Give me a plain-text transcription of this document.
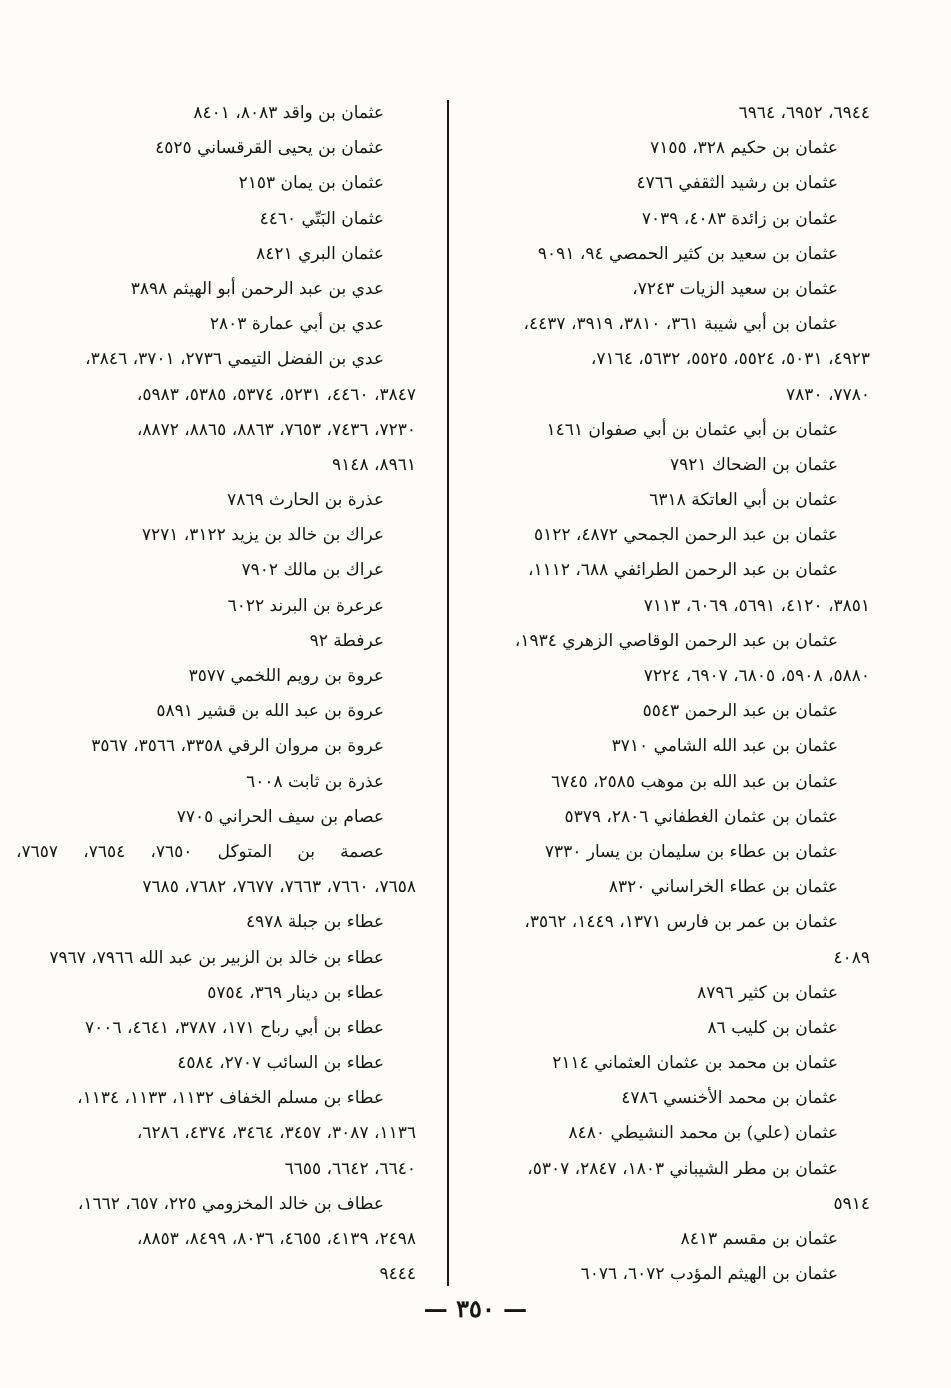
٦٩٤٤، ٦٩٥٢، ٦٩٦٤
عثمان بن حكيم ٣٢٨، ٧١٥٥
عثمان بن رشيد الثقفي ٤٧٦٦
عثمان بن زائدة ٤٠٨٣، ٧٠٣٩
عثمان بن سعيد بن كثير الحمصي ٩٤، ٩٠٩١
عثمان بن سعيد الزيات ٧٢٤٣،
عثمان بن أبي شيبة ٣٦١، ٣٨١٠، ٣٩١٩، ٤٤٣٧،
٤٩٢٣، ٥٠٣١، ٥٥٢٤، ٥٥٢٥، ٥٦٣٢، ٧١٦٤،
٧٧٨٠، ٧٨٣٠
عثمان بن أبي عثمان بن أبي صفوان ١٤٦١
عثمان بن الضحاك ٧٩٢١
عثمان بن أبي العاتكة ٦٣١٨
عثمان بن عبد الرحمن الجمحي ٤٨٧٢، ٥١٢٢
عثمان بن عبد الرحمن الطرائفي ٦٨٨، ١١١٢،
٣٨٥١، ٤١٢٠، ٥٦٩١، ٦٠٦٩، ٧١١٣
عثمان بن عبد الرحمن الوقاصي الزهري ١٩٣٤،
٥٨٨٠، ٥٩٠٨، ٦٨٠٥، ٦٩٠٧، ٧٢٢٤
عثمان بن عبد الرحمن ٥٥٤٣
عثمان بن عبد الله الشامي ٣٧١٠
عثمان بن عبد الله بن موهب ٢٥٨٥، ٦٧٤٥
عثمان بن عثمان الغطفاني ٢٨٠٦، ٥٣٧٩
عثمان بن عطاء بن سليمان بن يسار ٧٣٣٠
عثمان بن عطاء الخراساني ٨٣٢٠
عثمان بن عمر بن فارس ١٣٧١، ١٤٤٩، ٣٥٦٢،
٤٠٨٩
عثمان بن كثير ٨٧٩٦
عثمان بن كليب ٨٦
عثمان بن محمد بن عثمان العثماني ٢١١٤
عثمان بن محمد الأخنسي ٤٧٨٦
عثمان (علي) بن محمد النشيطي ٨٤٨٠
عثمان بن مطر الشيباني ١٨٠٣، ٢٨٤٧، ٥٣٠٧،
٥٩١٤
عثمان بن مقسم ٨٤١٣
عثمان بن الهيثم المؤدب ٦٠٧٢، ٦٠٧٦
عثمان بن واقد ٨٠٨٣، ٨٤٠١
عثمان بن يحيى القرقساني ٤٥٢٥
عثمان بن يمان ٢١٥٣
عثمان البَتّي ٤٤٦٠
عثمان البري ٨٤٢١
عدي بن عبد الرحمن أبو الهيثم ٣٨٩٨
عدي بن أبي عمارة ٢٨٠٣
عدي بن الفضل التيمي ٢٧٣٦، ٣٧٠١، ٣٨٤٦،
٣٨٤٧، ٤٤٦٠، ٥٢٣١، ٥٣٧٤، ٥٣٨٥، ٥٩٨٣،
٧٢٣٠، ٧٤٣٦، ٧٦٥٣، ٨٨٦٣، ٨٨٦٥، ٨٨٧٢،
٨٩٦١، ٩١٤٨
عذرة بن الحارث ٧٨٦٩
عراك بن خالد بن يزيد ٣١٢٢، ٧٢٧١
عراك بن مالك ٧٩٠٢
عرعرة بن البرند ٦٠٢٢
عرفطة ٩٢
عروة بن رويم اللخمي ٣٥٧٧
عروة بن عبد الله بن قشير ٥٨٩١
عروة بن مروان الرقي ٣٣٥٨، ٣٥٦٦، ٣٥٦٧
عذرة بن ثابت ٦٠٠٨
عصام بن سيف الحراني ٧٧٠٥
عصمة بن المتوكل ٧٦٥٠، ٧٦٥٤، ٧٦٥٧،
٧٦٥٨، ٧٦٦٠، ٧٦٦٣، ٧٦٧٧، ٧٦٨٢، ٧٦٨٥
عطاء بن جبلة ٤٩٧٨
عطاء بن خالد بن الزبير بن عبد الله ٧٩٦٦، ٧٩٦٧
عطاء بن دينار ٣٦٩، ٥٧٥٤
عطاء بن أبي رباح ١٧١، ٣٧٨٧، ٤٦٤١، ٧٠٠٦
عطاء بن السائب ٢٧٠٧، ٤٥٨٤
عطاء بن مسلم الخفاف ١١٣٢، ١١٣٣، ١١٣٤،
١١٣٦، ٣٠٨٧، ٣٤٥٧، ٣٤٦٤، ٤٣٧٤، ٦٢٨٦،
٦٦٤٠، ٦٦٤٢، ٦٦٥٥
عطاف بن خالد المخزومي ٢٢٥، ٦٥٧، ١٦٦٢،
٢٤٩٨، ٤١٣٩، ٤٦٥٥، ٨٠٣٦، ٨٤٩٩، ٨٨٥٣،
٩٤٤٤
— ٣٥٠ —
